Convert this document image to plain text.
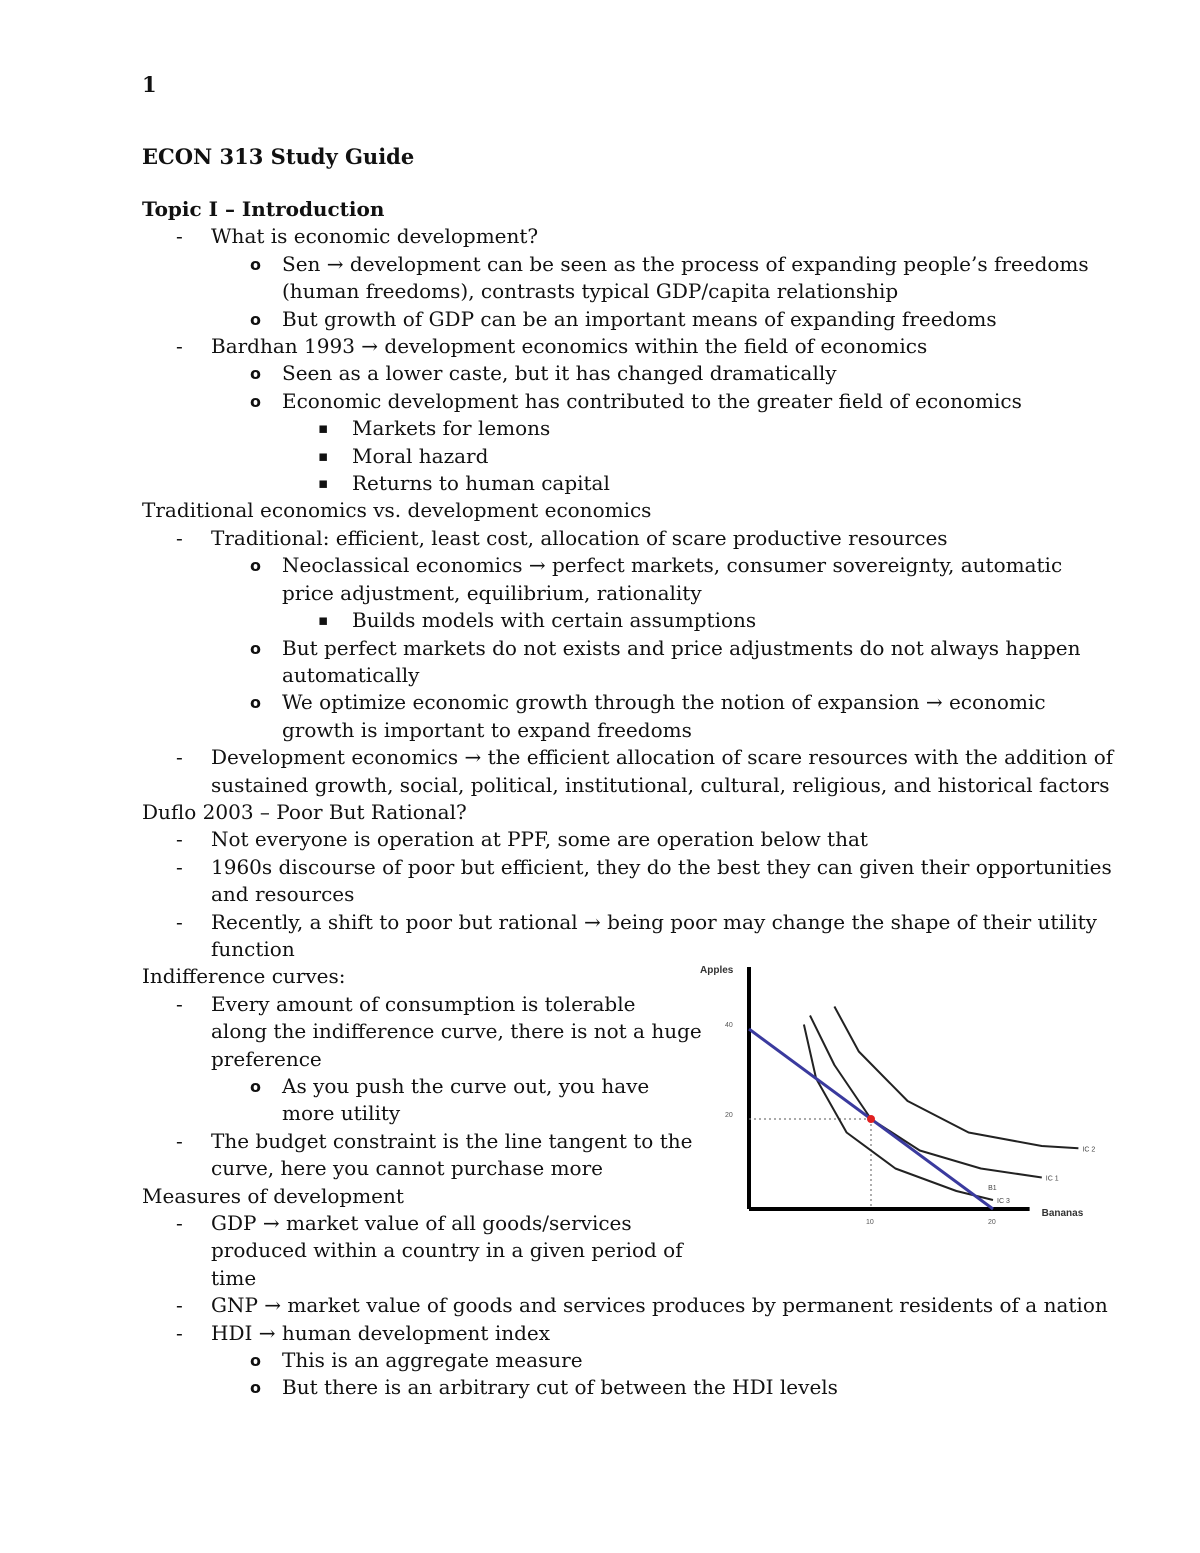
1
ECON 313 Study Guide
Topic I – Introduction
- What is economic development?
o Sen → development can be seen as the process of expanding people’s freedoms
(human freedoms), contrasts typical GDP/capita relationship
o But growth of GDP can be an important means of expanding freedoms
- Bardhan 1993 → development economics within the field of economics
o Seen as a lower caste, but it has changed dramatically
o Economic development has contributed to the greater field of economics
▪ Markets for lemons
▪ Moral hazard
▪ Returns to human capital
Traditional economics vs. development economics
- Traditional: efficient, least cost, allocation of scare productive resources
o Neoclassical economics → perfect markets, consumer sovereignty, automatic
price adjustment, equilibrium, rationality
▪ Builds models with certain assumptions
o But perfect markets do not exists and price adjustments do not always happen
automatically
o We optimize economic growth through the notion of expansion → economic
growth is important to expand freedoms
- Development economics → the efficient allocation of scare resources with the addition of
sustained growth, social, political, institutional, cultural, religious, and historical factors
Duflo 2003 – Poor But Rational?
- Not everyone is operation at PPF, some are operation below that
- 1960s discourse of poor but efficient, they do the best they can given their opportunities
and resources
- Recently, a shift to poor but rational → being poor may change the shape of their utility
function
Indifference curves:
- Every amount of consumption is tolerable
along the indifference curve, there is not a huge
preference
o As you push the curve out, you have
more utility
- The budget constraint is the line tangent to the
curve, here you cannot purchase more
Measures of development
- GDP → market value of all goods/services
produced within a country in a given period of
time
- GNP → market value of goods and services produces by permanent residents of a nation
- HDI → human development index
o This is an aggregate measure
o But there is an arbitrary cut of between the HDI levels
Apples
Bananas
10	20
20
40
IC 3
IC 1
IC 2
B1
